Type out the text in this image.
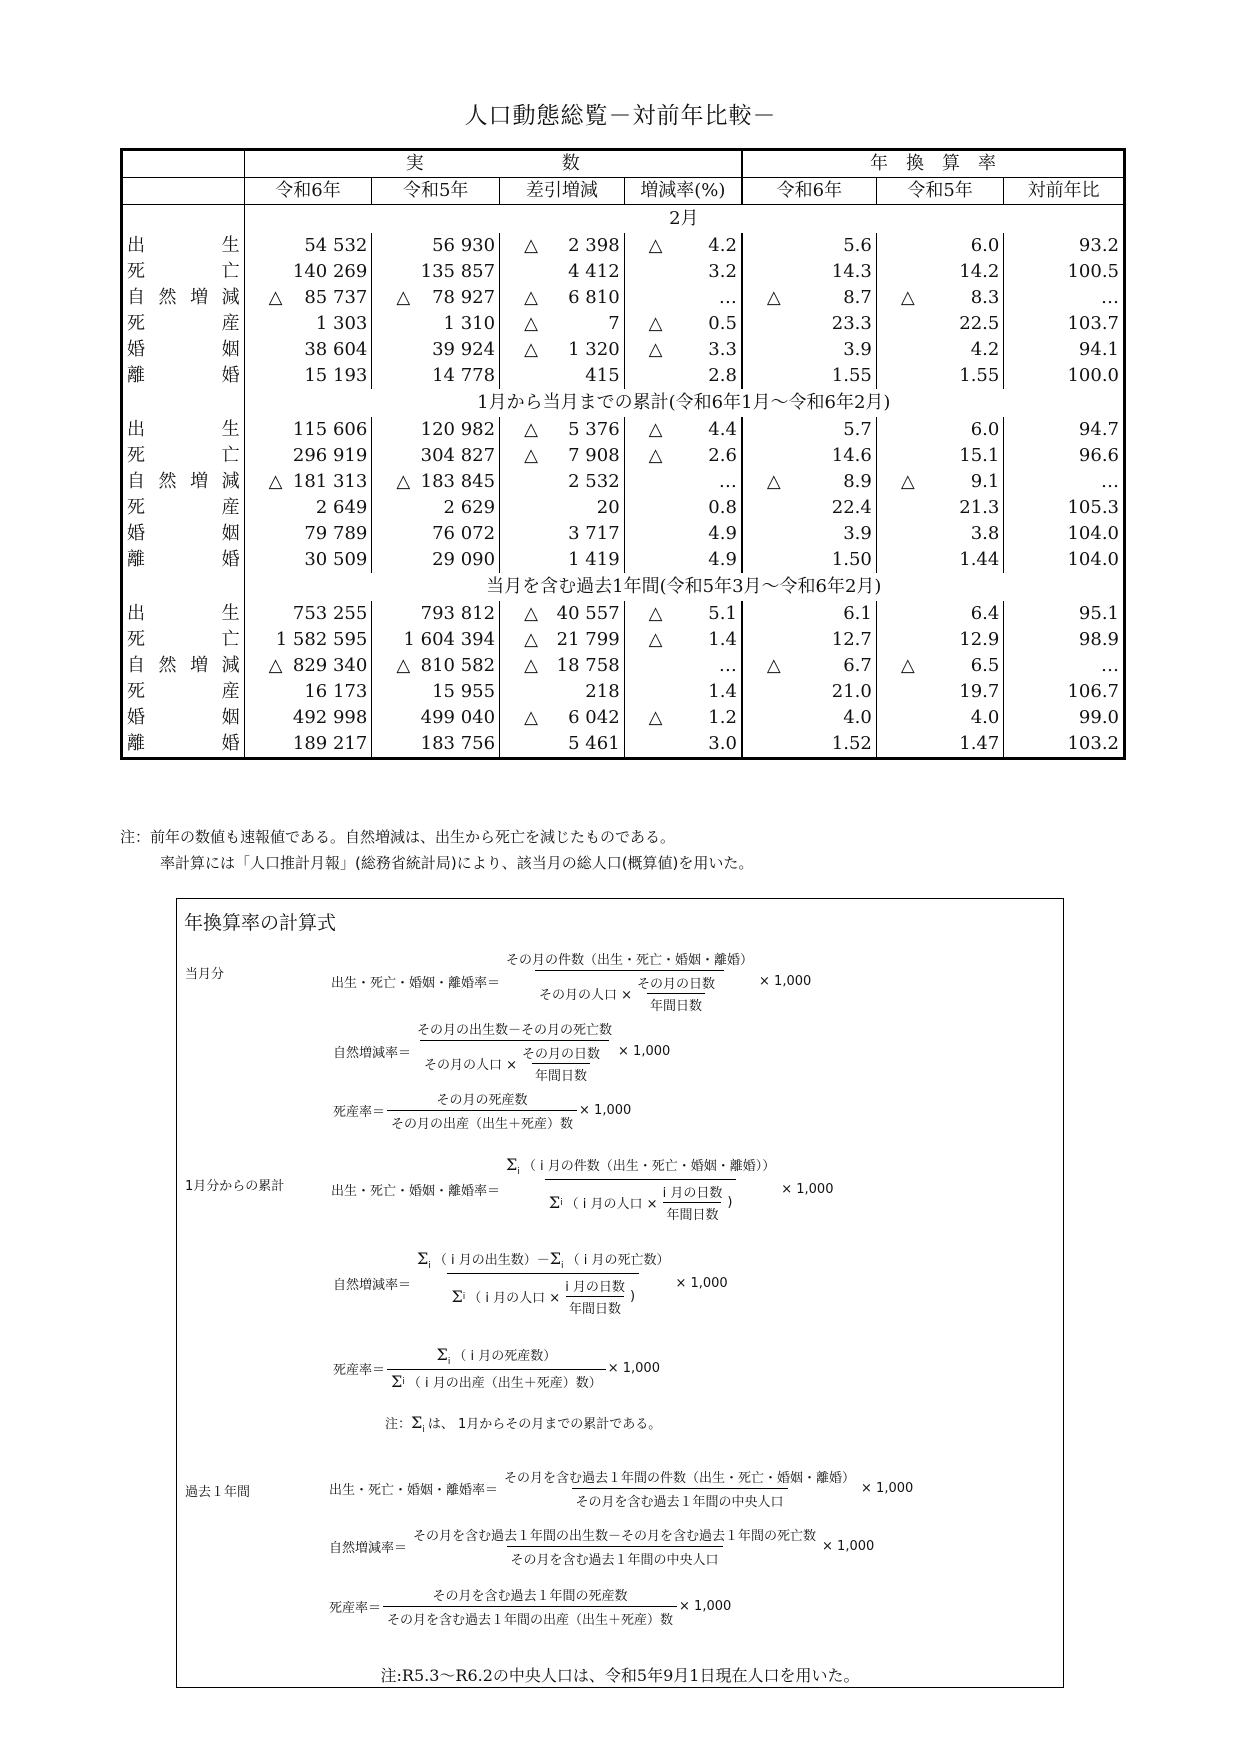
人口動態総覧－対前年比較－
	実　　数				年　換　算　率		
	令和6年	令和5年	差引増減	増減率(%)	令和6年	令和5年	対前年比
	2月						

出 生	54 532	56 930	△ 2 398	△ 4.2	5.6	6.0	93.2

死 亡	140 269	135 857	4 412	3.2	14.3	14.2	100.5

自 然 増 減	△ 85 737	△ 78 927	△ 6 810	…	△ 8.7	△ 8.3	…

死 産	1 303	1 310	△ 7	△ 0.5	23.3	22.5	103.7

婚 姻	38 604	39 924	△ 1 320	△ 3.3	3.9	4.2	94.1

離 婚	15 193	14 778	415	2.8	1.55	1.55	100.0
	1月から当月までの累計(令和6年1月～令和6年2月)						

出 生	115 606	120 982	△ 5 376	△ 4.4	5.7	6.0	94.7

死 亡	296 919	304 827	△ 7 908	△ 2.6	14.6	15.1	96.6

自 然 増 減	△ 181 313	△ 183 845	2 532	…	△ 8.9	△ 9.1	…

死 産	2 649	2 629	20	0.8	22.4	21.3	105.3

婚 姻	79 789	76 072	3 717	4.9	3.9	3.8	104.0

離 婚	30 509	29 090	1 419	4.9	1.50	1.44	104.0
	当月を含む過去1年間(令和5年3月～令和6年2月)						

出 生	753 255	793 812	△ 40 557	△ 5.1	6.1	6.4	95.1

死 亡	1 582 595	1 604 394	△ 21 799	△ 1.4	12.7	12.9	98.9

自 然 増 減	△ 829 340	△ 810 582	△ 18 758	…	△ 6.7	△ 6.5	…

死 産	16 173	15 955	218	1.4	21.0	19.7	106.7

婚 姻	492 998	499 040	△ 6 042	△ 1.2	4.0	4.0	99.0

離 婚	189 217	183 756	5 461	3.0	1.52	1.47	103.2
注：前年の数値も速報値である。自然増減は、出生から死亡を減じたものである。
率計算には「人口推計月報」(総務省統計局)により、該当月の総人口(概算値)を用いた。
年換算率の計算式
当月分
出生・死亡・婚姻・離婚率＝ その月の件数（出生・死亡・婚姻・離婚）
その月の人口 ×
その月の日数
年間日数 × 1,000
自然増減率＝ その月の出生数－その月の死亡数
その月の人口 ×
その月の日数
年間日数 × 1,000
死産率＝ $\frac{\text{その月の死産数}}{\text{その月の出産（出生＋死産）数}} \times 1,000$
1月分からの累計	出生・死亡・婚姻・離婚率＝ $\Sigma_i$ （ i 月の件数（出生・死亡・婚姻・離婚））
Σ i （ i 月の人口 ×
i 月の日数
年間日数
) × 1,000
自然増減率＝ $\Sigma_i$ （ i 月の出生数）$-\Sigma_i$ （ i 月の死亡数）
Σ i （ i 月の人口 ×
i 月の日数
年間日数
) × 1,000
死産率＝ $\frac{\Sigma_i ( i 月の死産数)}{\text{Σ i （ i 月の出産（出生＋死産）数）}} \times 1,000$
注：$\Sigma_i$ は、 1月からその月までの累計である。
過去１年間	出生・死亡・婚姻・離婚率＝ $\frac{\text{その月を含む過去１年間の件数（出生・死亡・婚姻・離婚）}}{\text{その月を含む過去１年間の中央人口}} \times 1,000$
自然増減率＝ $\frac{\text{その月を含む過去１年間の出生数－その月を含む過去１年間の死亡数}}{\text{その月を含む過去１年間の中央人口}} \times 1,000$
死産率＝ $\frac{\text{その月を含む過去１年間の死産数}}{\text{その月を含む過去１年間の出産（出生＋死産）数}} \times 1,000$
注:R5.3～R6.2の中央人口は、令和5年9月1日現在人口を用いた。
